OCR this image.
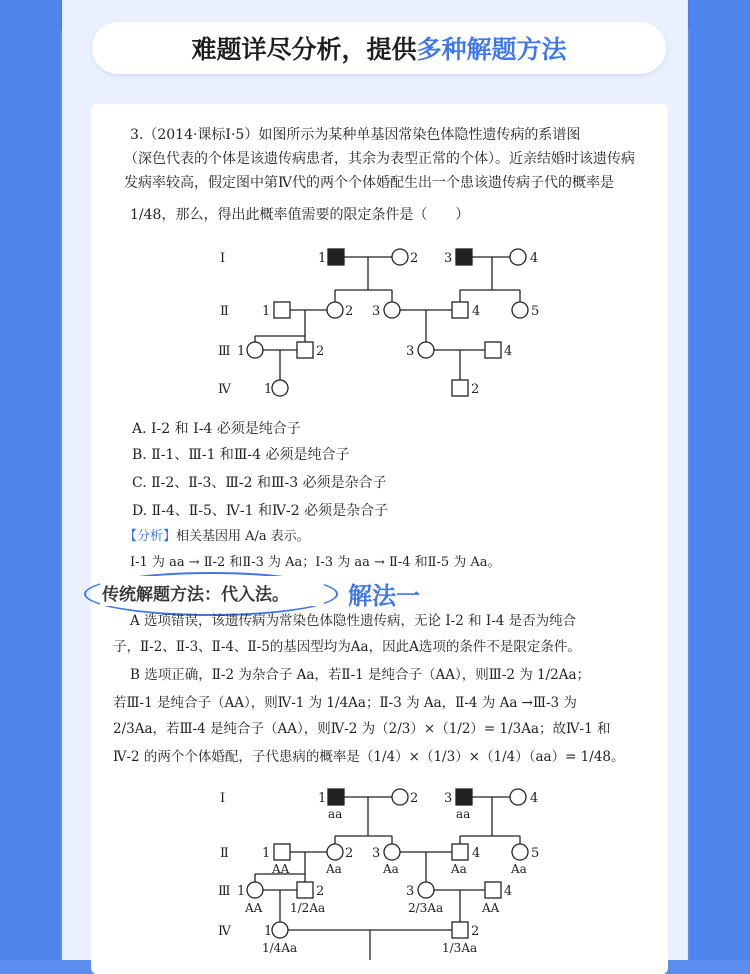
难题详尽分析，提供 多种解题方法
3.（2014·课标Ⅰ·5）如图所示为某种单基因常染色体隐性遗传病的系谱图
（深色代表的个体是该遗传病患者，其余为表型正常的个体）。近亲结婚时该遗传病
发病率较高，假定图中第Ⅳ代的两个个体婚配生出一个患该遗传病子代的概率是
1/48，那么，得出此概率值需要的限定条件是（　　）
Ⅰ
Ⅱ
Ⅲ
Ⅳ
1	2 3	4
1	2 3	4	5
1	2	3	4
1	2
A. Ⅰ-2 和 Ⅰ-4 必须是纯合子
B. Ⅱ-1、Ⅲ-1 和Ⅲ-4 必须是纯合子
C. Ⅱ-2、Ⅱ-3、Ⅲ-2 和Ⅲ-3 必须是杂合子
D. Ⅱ-4、Ⅱ-5、Ⅳ-1 和Ⅳ-2 必须是杂合子
【分析】相关基因用 A/a 表示。
Ⅰ-1 为 aa → Ⅱ-2 和Ⅱ-3 为 Aa；Ⅰ-3 为 aa → Ⅱ-4 和Ⅱ-5 为 Aa。
传统解题方法：代入法。 解法一
A 选项错误，该遗传病为常染色体隐性遗传病，无论 Ⅰ-2 和 Ⅰ-4 是否为纯合
子，Ⅱ-2、Ⅱ-3、Ⅱ-4、Ⅱ-5的基因型均为Aa，因此A选项的条件不是限定条件。
B 选项正确，Ⅱ-2 为杂合子 Aa，若Ⅱ-1 是纯合子（AA），则Ⅲ-2 为 1/2Aa；
若Ⅲ-1 是纯合子（AA），则Ⅳ-1 为 1/4Aa；Ⅱ-3 为 Aa，Ⅱ-4 为 Aa →Ⅲ-3 为
2/3Aa，若Ⅲ-4 是纯合子（AA），则Ⅳ-2 为（2/3）×（1/2）= 1/3Aa；故Ⅳ-1 和
Ⅳ-2 的两个个体婚配，子代患病的概率是（1/4）×（1/3）×（1/4）（aa）= 1/48。
Ⅰ
Ⅱ
Ⅲ
Ⅳ
1	2 3	4
1	2 3	4	5
1	2	3	4
1	2
aa	aa
AA	Aa	Aa	Aa	Aa
AA 1/2Aa	2/3Aa	AA
1/4Aa	1/3Aa
